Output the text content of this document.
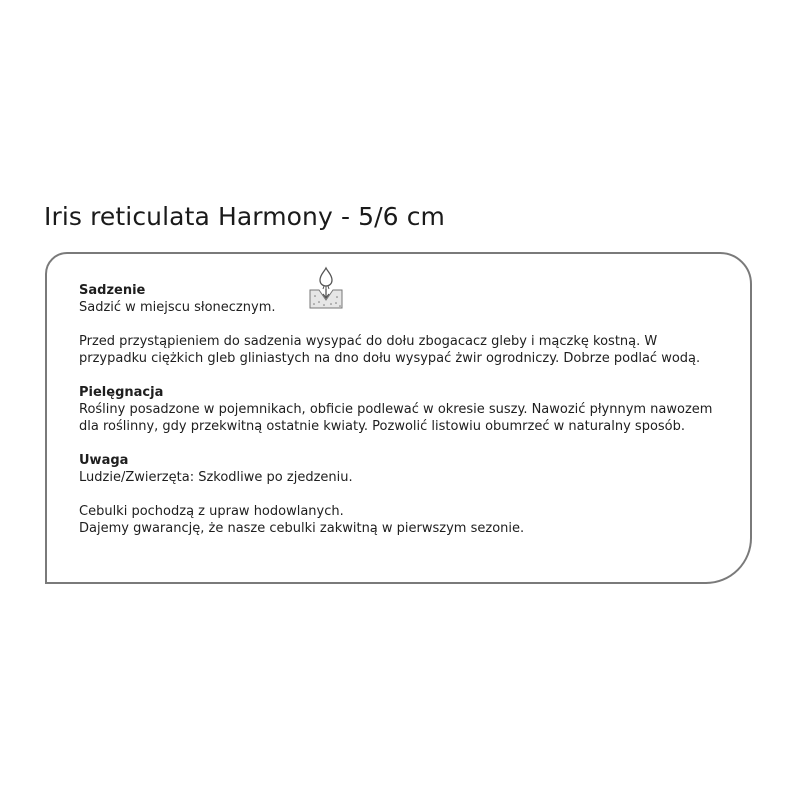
Iris reticulata Harmony - 5/6 cm
Sadzenie
Sadzić w miejscu słonecznym.
Przed przystąpieniem do sadzenia wysypać do dołu zbogacacz gleby i mączkę kostną. W przypadku ciężkich gleb gliniastych na dno dołu wysypać żwir ogrodniczy. Dobrze podlać wodą.
Pielęgnacja
Rośliny posadzone w pojemnikach, obficie podlewać w okresie suszy. Nawozić płynnym nawozem dla roślinny, gdy przekwitną ostatnie kwiaty. Pozwolić listowiu obumrzeć w naturalny sposób.
Uwaga
Ludzie/Zwierzęta: Szkodliwe po zjedzeniu.
Cebulki pochodzą z upraw hodowlanych.
Dajemy gwarancję, że nasze cebulki zakwitną w pierwszym sezonie.
